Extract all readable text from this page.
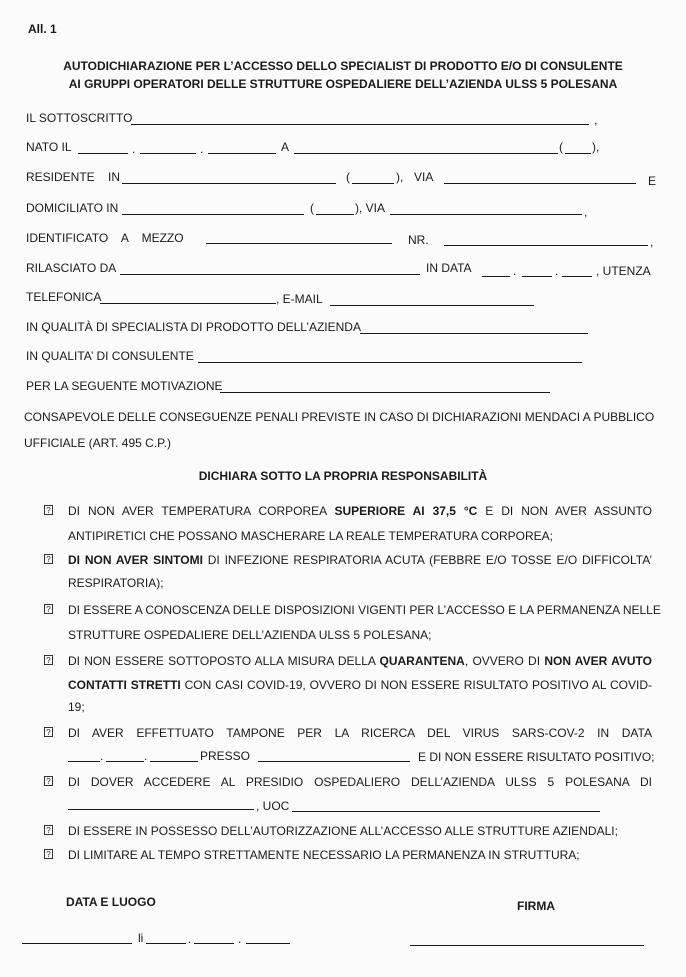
All. 1
AUTODICHIARAZIONE PER L’ACCESSO DELLO SPECIALIST DI PRODOTTO E/O DI CONSULENTE
AI GRUPPI OPERATORI DELLE STRUTTURE OSPEDALIERE DELL’AZIENDA ULSS 5 POLESANA
IL SOTTOSCRITTO	,
NATO IL	.	.	A	( ),
RESIDENTE    IN	(	), VIA	E
DOMICILIATO IN	(	), VIA	,
IDENTIFICATO    A    MEZZO	NR.	,
RILASCIATO DA	IN DATA	.	.	, UTENZA
TELEFONICA	, E-MAIL
IN QUALITÀ DI SPECIALISTA DI PRODOTTO DELL’AZIENDA
IN QUALITA’ DI CONSULENTE
PER LA SEGUENTE MOTIVAZIONE
CONSAPEVOLE DELLE CONSEGUENZE PENALI PREVISTE IN CASO DI DICHIARAZIONI MENDACI A PUBBLICO
UFFICIALE (ART. 495 C.P.)
DICHIARA SOTTO LA PROPRIA RESPONSABILITÀ
? DI NON AVER TEMPERATURA CORPOREA SUPERIORE AI 37,5 °C E DI NON AVER ASSUNTO
ANTIPIRETICI CHE POSSANO MASCHERARE LA REALE TEMPERATURA CORPOREA;
? DI NON AVER SINTOMI DI INFEZIONE RESPIRATORIA ACUTA (FEBBRE E/O TOSSE E/O DIFFICOLTA’
RESPIRATORIA);
? DI ESSERE A CONOSCENZA DELLE DISPOSIZIONI VIGENTI PER L’ACCESSO E LA PERMANENZA NELLE
STRUTTURE OSPEDALIERE DELL’AZIENDA ULSS 5 POLESANA;
? DI NON ESSERE SOTTOPOSTO ALLA MISURA DELLA QUARANTENA, OVVERO DI NON AVER AVUTO
CONTATTI STRETTI CON CASI COVID-19, OVVERO DI NON ESSERE RISULTATO POSITIVO AL COVID-
19;
? DI   AVER   EFFETTUATO   TAMPONE   PER   LA   RICERCA   DEL   VIRUS   SARS-COV-2   IN   DATA
.	.	PRESSO	E DI NON ESSERE RISULTATO POSITIVO;
? DI   DOVER   ACCEDERE   AL   PRESIDIO   OSPEDALIERO   DELL’AZIENDA   ULSS   5   POLESANA   DI
, UOC
? DI ESSERE IN POSSESSO DELL’AUTORIZZAZIONE ALL’ACCESSO ALLE STRUTTURE AZIENDALI;
? DI LIMITARE AL TEMPO STRETTAMENTE NECESSARIO LA PERMANENZA IN STRUTTURA;
DATA E LUOGO	FIRMA
li	.	.
